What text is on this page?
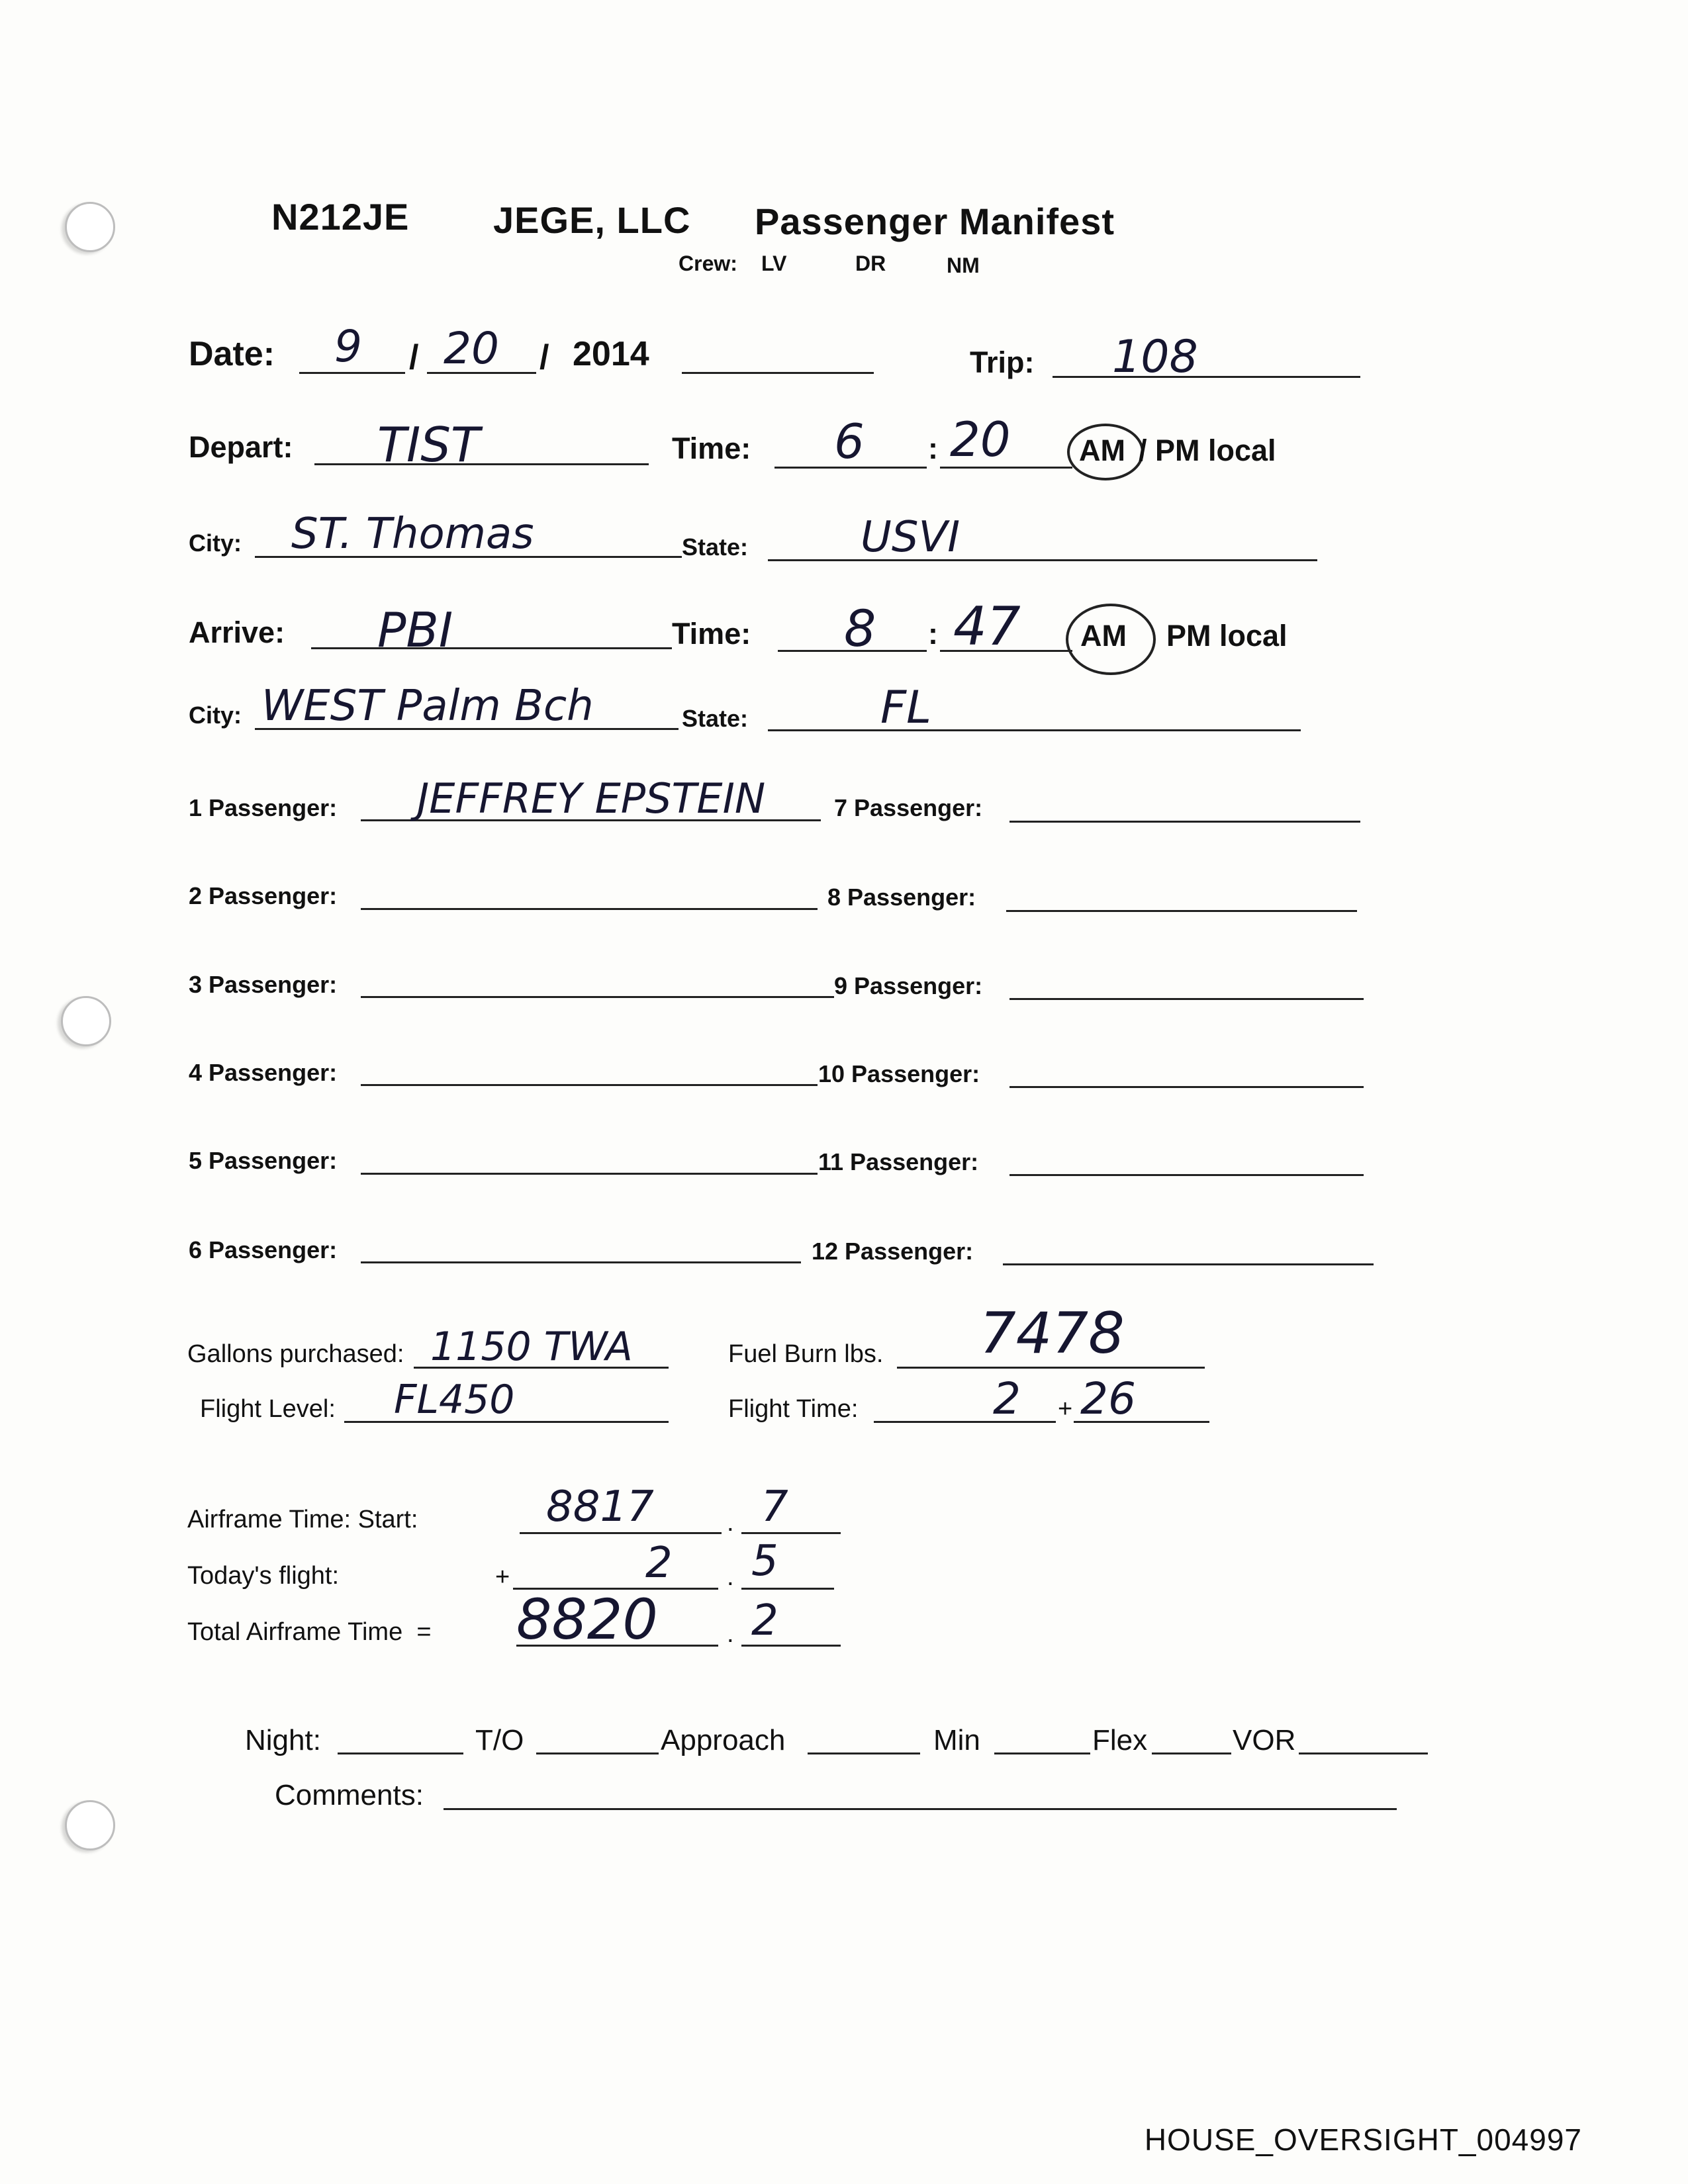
N212JE JEGE, LLC Passenger Manifest
Crew: LV	DR	NM
Date: 9 / 20 / 2014	Trip: 108
Depart: TIST	Time: 6 : 20 AM / PM local
City: ST. Thomas	State:	USVI
Arrive: PBI	Time: 8 : 47 AM PM local
City: WEST Palm Bch	State:	FL
1 Passenger: JEFFREY EPSTEIN
2 Passenger:
3 Passenger:
4 Passenger:
5 Passenger:
6 Passenger:
7 Passenger:
8 Passenger:
9 Passenger:
10 Passenger:
11 Passenger:
12 Passenger:
Gallons purchased: 1150 TWA	Fuel Burn lbs. 7478
Flight Level: FL450	Flight Time:	2 + 26
Airframe Time: Start:	8817	. 7
Today's flight:	+	2 . 5
Total Airframe Time  = 8820	. 2
Night:	T/O	Approach	Min	Flex	VOR
Comments:
HOUSE_OVERSIGHT_004997
